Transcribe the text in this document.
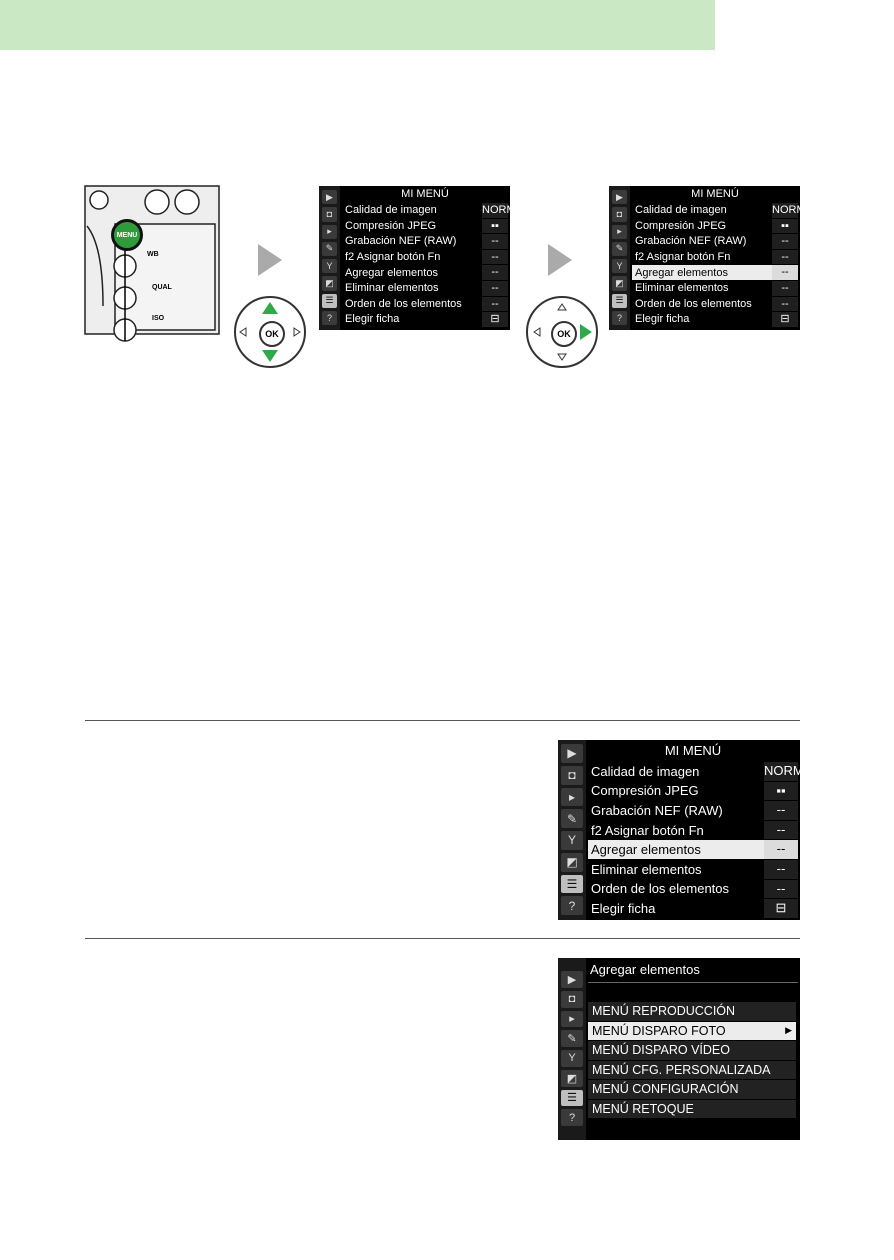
MENU
QUAL
ISO
WB
OK	OK
▶
◘
▸
✎
Y
◩
☰
?
MI MENÚ
Calidad de imagen	NORM
Compresión JPEG	▪▪
Grabación NEF (RAW)	--
f2 Asignar botón Fn	--
Agregar elementos	--
Eliminar elementos	--
Orden de los elementos	--
Elegir ficha	⊟
▶
◘
▸
✎
Y
◩
☰
?
MI MENÚ
Calidad de imagen	NORM
Compresión JPEG	▪▪
Grabación NEF (RAW)	--
f2 Asignar botón Fn	--
Agregar elementos	--
Eliminar elementos	--
Orden de los elementos	--
Elegir ficha	⊟
▶
◘
▸
✎
Y
◩
☰
?
MI MENÚ
Calidad de imagen	NORM
Compresión JPEG	▪▪
Grabación NEF (RAW)	--
f2 Asignar botón Fn	--
Agregar elementos	--
Eliminar elementos	--
Orden de los elementos	--
Elegir ficha	⊟
▶
◘
▸
✎
Y
◩
☰
?
Agregar elementos
MENÚ REPRODUCCIÓN
MENÚ DISPARO FOTO	▶
MENÚ DISPARO VÍDEO
MENÚ CFG. PERSONALIZADA
MENÚ CONFIGURACIÓN
MENÚ RETOQUE
